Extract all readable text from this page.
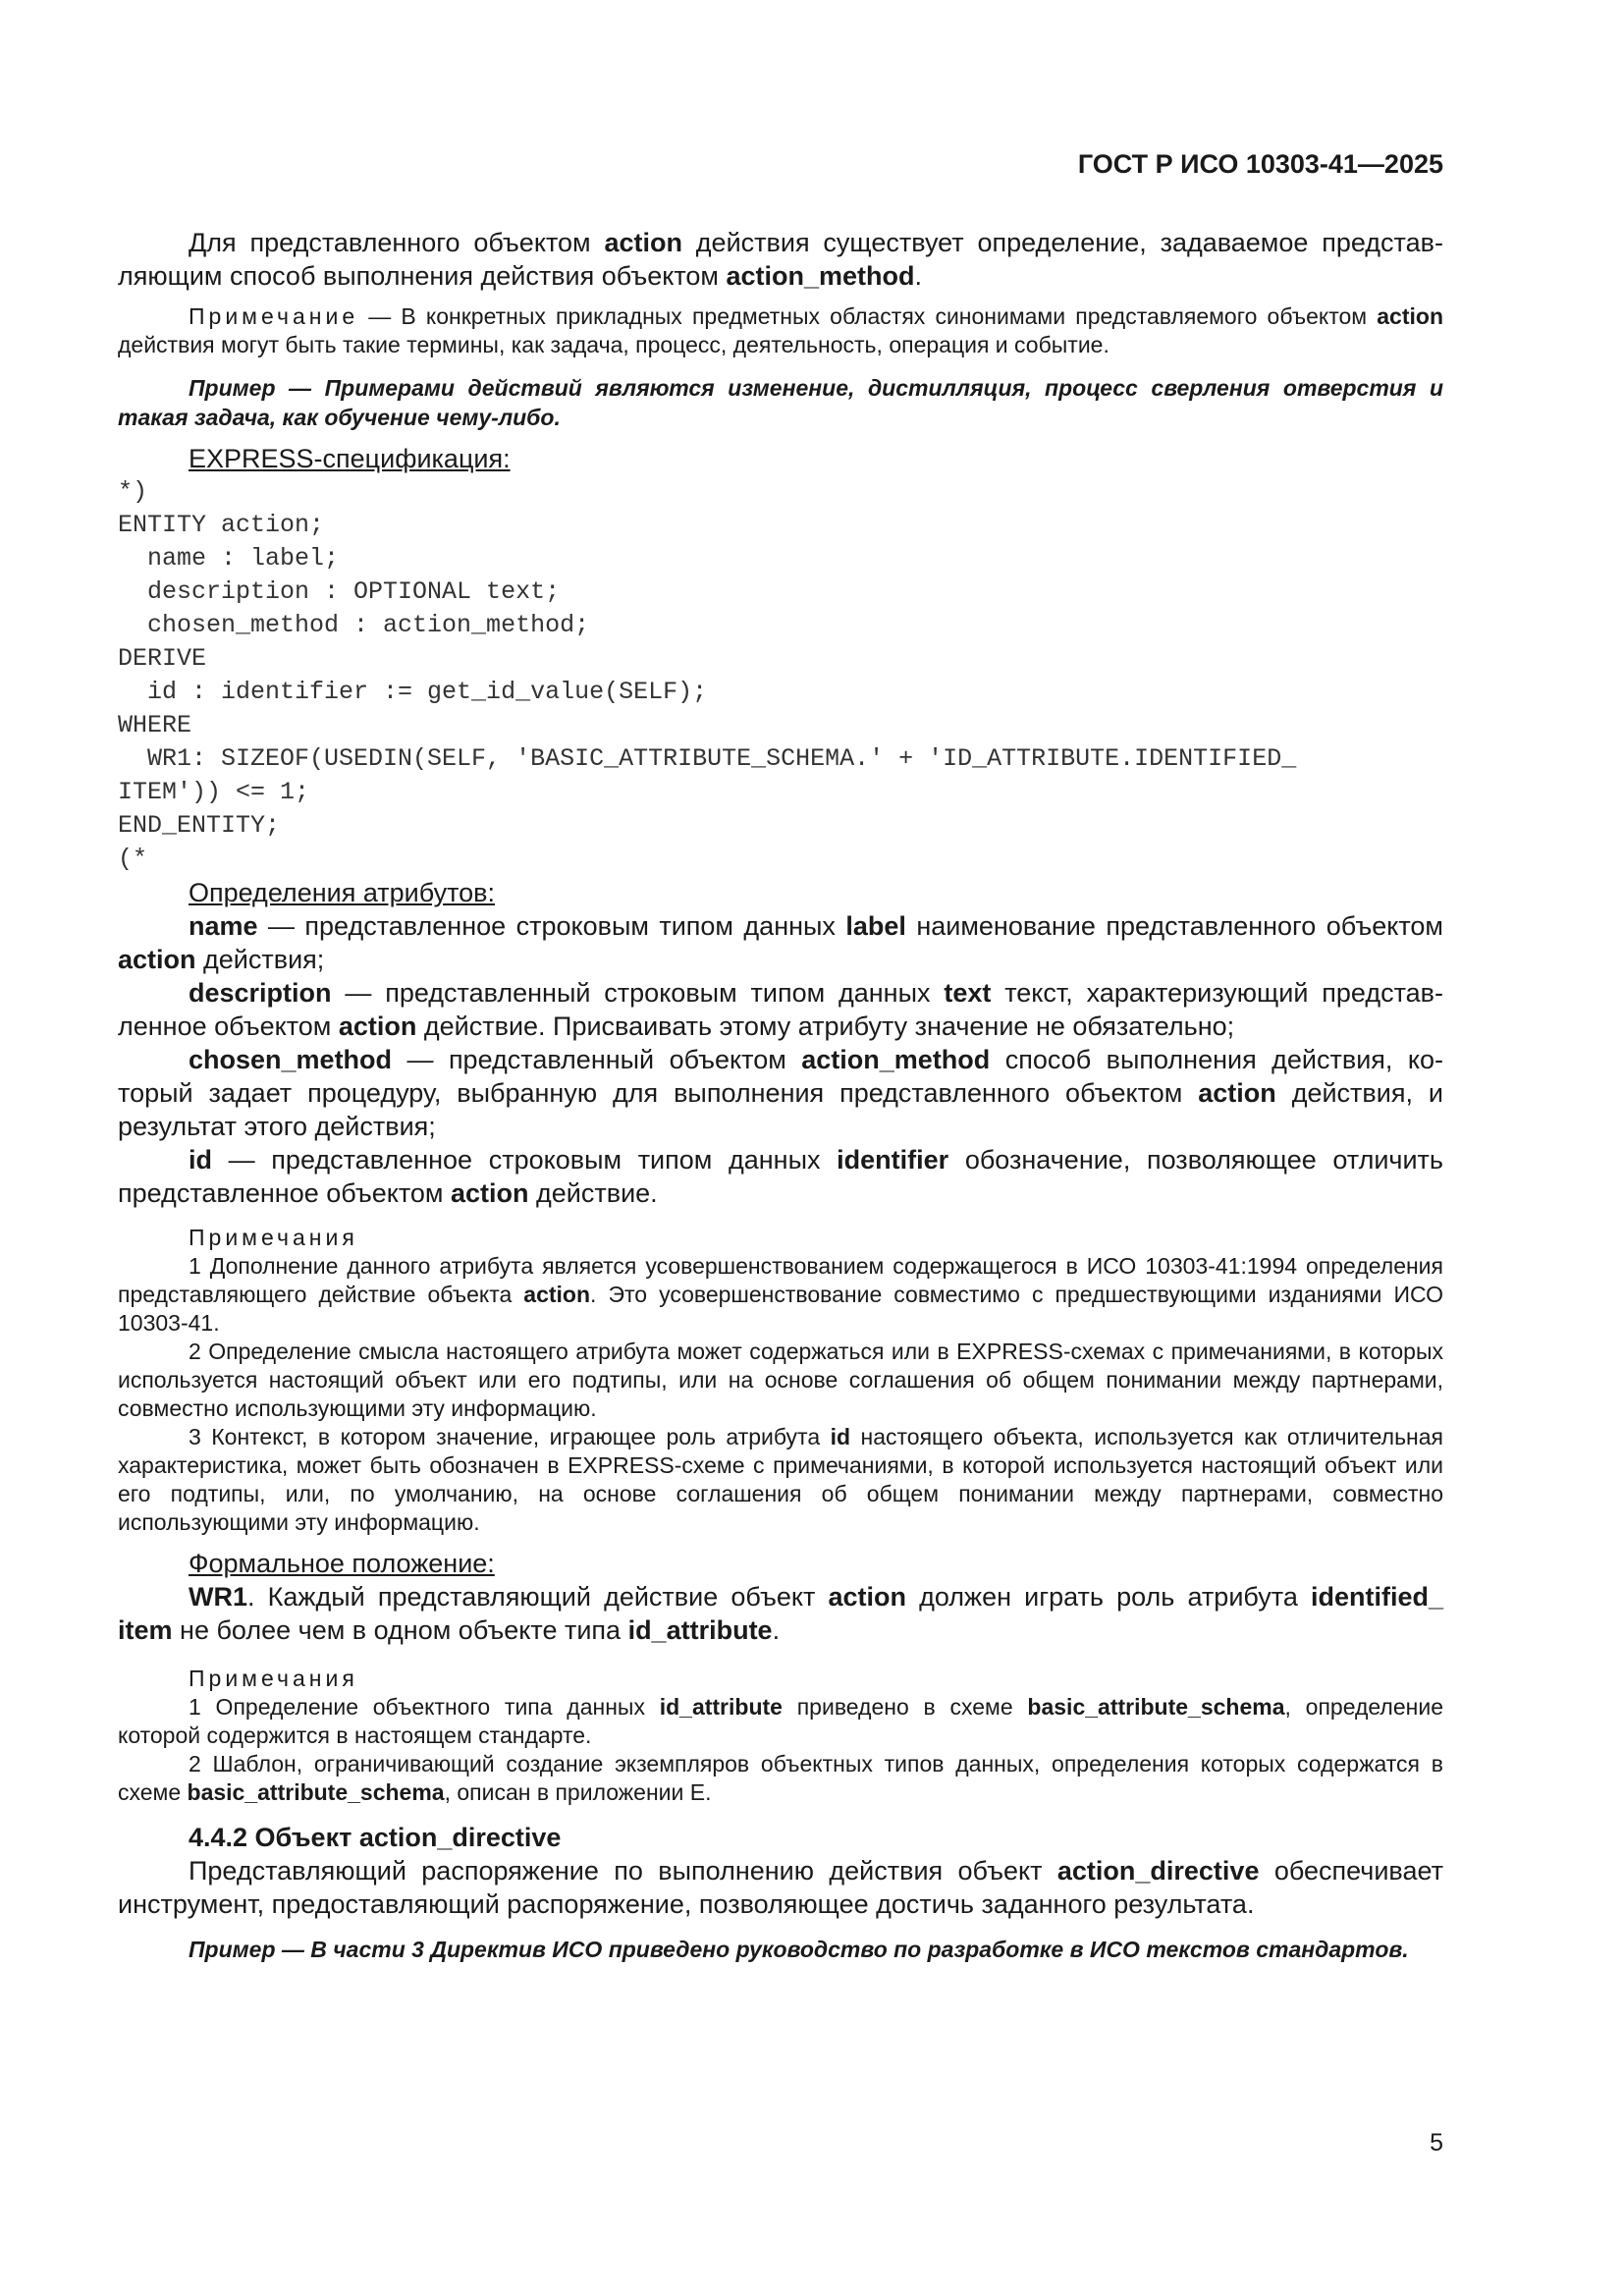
ГОСТ Р ИСО 10303-41—2025

Для представленного объектом action действия существует определение, задаваемое представляющим способ выполнения действия объектом action_method.

Примечание — В конкретных прикладных предметных областях синонимами представляемого объектом action действия могут быть такие термины, как задача, процесс, деятельность, операция и событие.

Пример — Примерами действий являются изменение, дистилляция, процесс сверления отверстия и такая задача, как обучение чему-либо.

EXPRESS-спецификация:

*)
ENTITY action;
name : label;
description : OPTIONAL text;
chosen_method : action_method;
DERIVE
id : identifier := get_id_value(SELF);
WHERE
WR1: SIZEOF(USEDIN(SELF, 'BASIC_ATTRIBUTE_SCHEMA.' + 'ID_ATTRIBUTE.IDENTIFIED_
ITEM')) <= 1;
END_ENTITY;
(*

Определения атрибутов:

name — представленное строковым типом данных label наименование представленного объектом action действия;

description — представленный строковым типом данных text текст, характеризующий представленное объектом action действие. Присваивать этому атрибуту значение не обязательно;

chosen_method — представленный объектом action_method способ выполнения действия, который задает процедуру, выбранную для выполнения представленного объектом action действия, и результат этого действия;

id — представленное строковым типом данных identifier обозначение, позволяющее отличить представленное объектом action действие.

Примечания

1 Дополнение данного атрибута является усовершенствованием содержащегося в ИСО 10303-41:1994 определения представляющего действие объекта action. Это усовершенствование совместимо с предшествующими изданиями ИСО 10303-41.

2 Определение смысла настоящего атрибута может содержаться или в EXPRESS-схемах с примечаниями, в которых используется настоящий объект или его подтипы, или на основе соглашения об общем понимании между партнерами, совместно использующими эту информацию.

3 Контекст, в котором значение, играющее роль атрибута id настоящего объекта, используется как отличительная характеристика, может быть обозначен в EXPRESS-схеме с примечаниями, в которой используется настоящий объект или его подтипы, или, по умолчанию, на основе соглашения об общем понимании между партнерами, совместно использующими эту информацию.

Формальное положение:

WR1. Каждый представляющий действие объект action должен играть роль атрибута identified_ item не более чем в одном объекте типа id_attribute.

Примечания

1 Определение объектного типа данных id_attribute приведено в схеме basic_attribute_schema, определение которой содержится в настоящем стандарте.

2 Шаблон, ограничивающий создание экземпляров объектных типов данных, определения которых содержатся в схеме basic_attribute_schema, описан в приложении Е.

4.4.2 Объект action_directive

Представляющий распоряжение по выполнению действия объект action_directive обеспечивает инструмент, предоставляющий распоряжение, позволяющее достичь заданного результата.

Пример — В части 3 Директив ИСО приведено руководство по разработке в ИСО текстов стандартов.

5
